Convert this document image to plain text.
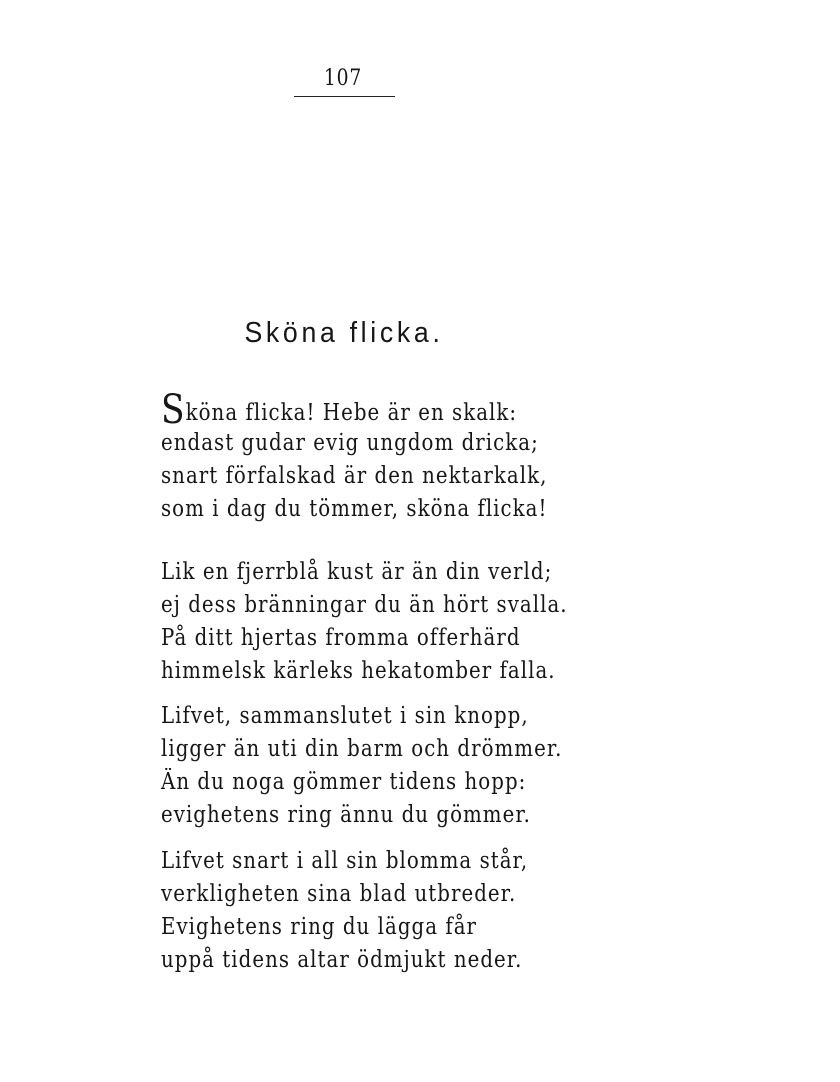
107
Sköna flicka.
Sköna flicka! Hebe är en skalk:
endast gudar evig ungdom dricka;
snart förfalskad är den nektarkalk,
som i dag du tömmer, sköna flicka!
Lik en fjerrblå kust är än din verld;
ej dess bränningar du än hört svalla.
På ditt hjertas fromma offerhärd
himmelsk kärleks hekatomber falla.
Lifvet, sammanslutet i sin knopp,
ligger än uti din barm och drömmer.
Än du noga gömmer tidens hopp:
evighetens ring ännu du gömmer.
Lifvet snart i all sin blomma står,
verkligheten sina blad utbreder.
Evighetens ring du lägga får
uppå tidens altar ödmjukt neder.
